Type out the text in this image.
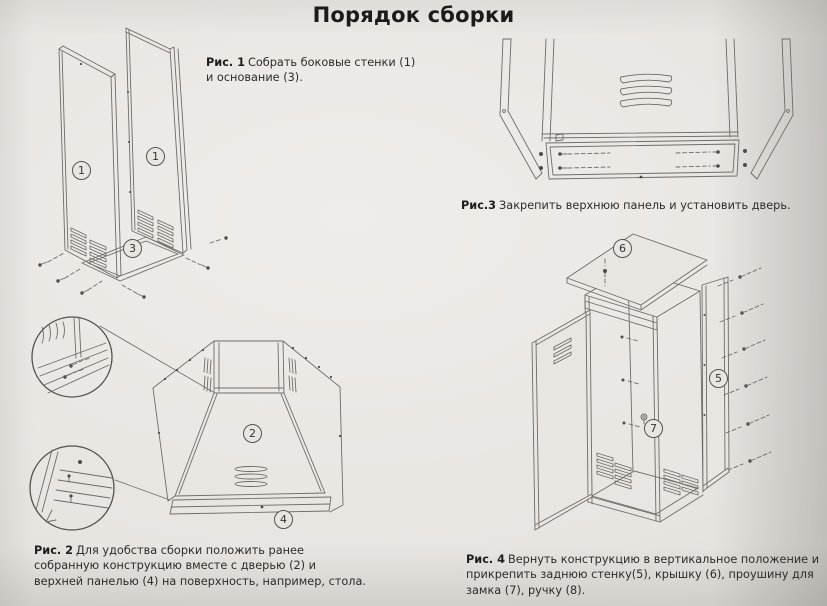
Порядок сборки
1
1
3
Рис. 1 Собрать боковые стенки (1) и основание (3).
Рис.3 Закрепить верхнюю панель и установить дверь.
2
4
Рис. 2 Для удобства сборки положить ранее собранную конструкцию вместе с дверью (2) и верхней панелью (4) на поверхность, например, стола.
6
5
7
Рис. 4 Вернуть конструкцию в вертикальное положение и прикрепить заднюю стенку(5), крышку (6), проушину для замка (7), ручку (8).
